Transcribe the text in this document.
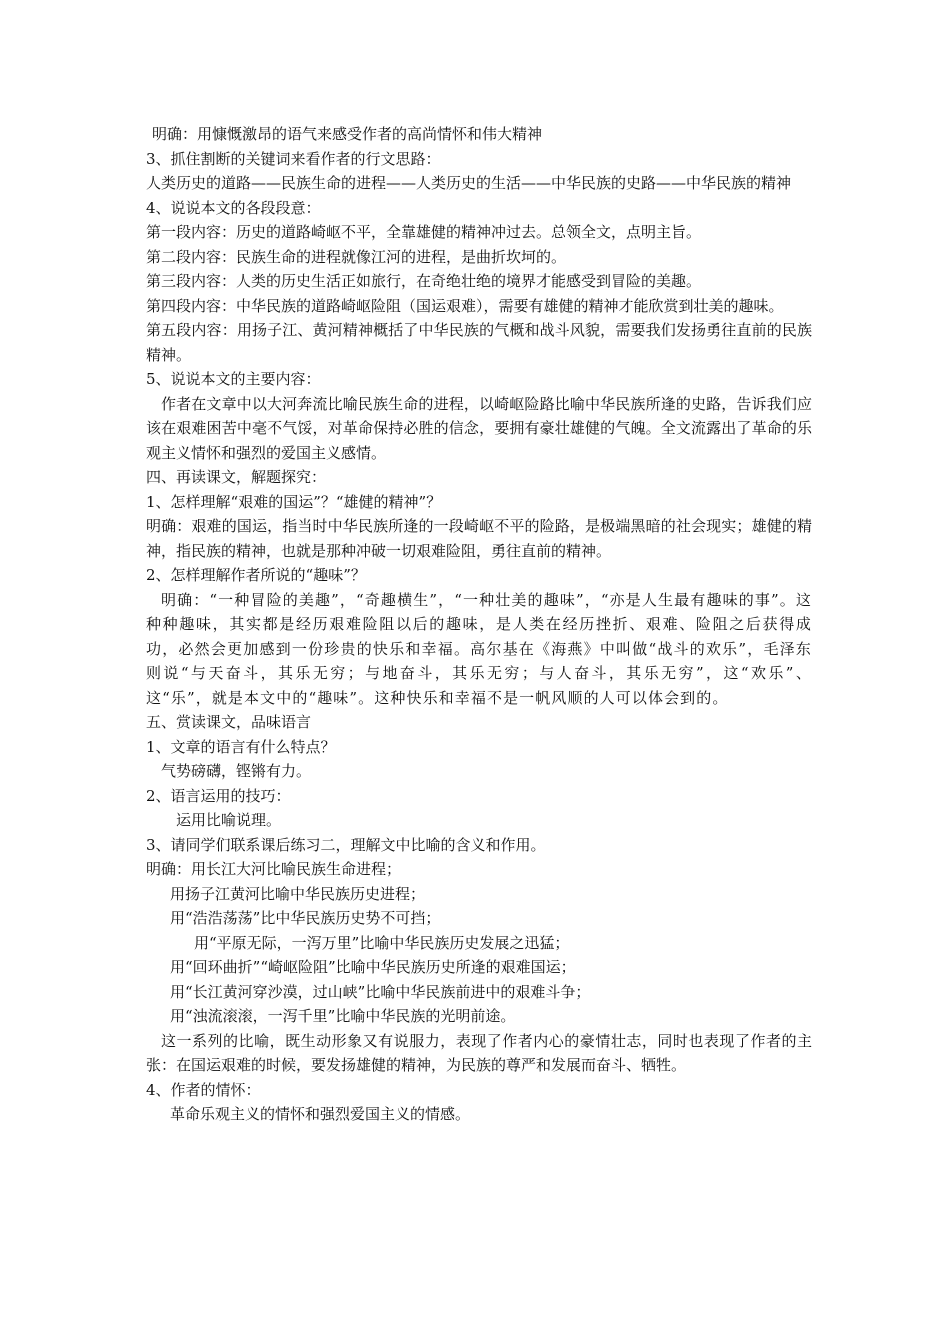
明确：用慷慨激昂的语气来感受作者的高尚情怀和伟大精神

3、抓住割断的关键词来看作者的行文思路：

人类历史的道路——民族生命的进程——人类历史的生活——中华民族的史路——中华民族的精神

4、说说本文的各段段意：

第一段内容：历史的道路崎岖不平，全靠雄健的精神冲过去。总领全文，点明主旨。

第二段内容：民族生命的进程就像江河的进程，是曲折坎坷的。

第三段内容：人类的历史生活正如旅行，在奇绝壮绝的境界才能感受到冒险的美趣。

第四段内容：中华民族的道路崎岖险阻（国运艰难），需要有雄健的精神才能欣赏到壮美的趣味。

第五段内容：用扬子江、黄河精神概括了中华民族的气概和战斗风貌，需要我们发扬勇往直前的民族精神。

5、说说本文的主要内容：

作者在文章中以大河奔流比喻民族生命的进程，以崎岖险路比喻中华民族所逢的史路，告诉我们应该在艰难困苦中毫不气馁，对革命保持必胜的信念，要拥有豪壮雄健的气魄。全文流露出了革命的乐观主义情怀和强烈的爱国主义感情。

四、再读课文，解题探究：

1、怎样理解“艰难的国运”？“雄健的精神”？

明确：艰难的国运，指当时中华民族所逢的一段崎岖不平的险路，是极端黑暗的社会现实；雄健的精神，指民族的精神，也就是那种冲破一切艰难险阻，勇往直前的精神。

2、怎样理解作者所说的“趣味”？

明确：“一种冒险的美趣”，“奇趣横生”，“一种壮美的趣味”，“亦是人生最有趣味的事”。这种种趣味，其实都是经历艰难险阻以后的趣味，是人类在经历挫折、艰难、险阻之后获得成功，必然会更加感到一份珍贵的快乐和幸福。高尔基在《海燕》中叫做“战斗的欢乐”，毛泽东则说“与天奋斗，其乐无穷；与地奋斗，其乐无穷；与人奋斗，其乐无穷”，这“欢乐”、这“乐”，就是本文中的“趣味”。这种快乐和幸福不是一帆风顺的人可以体会到的。

五、赏读课文，品味语言

1、文章的语言有什么特点？

气势磅礴，铿锵有力。

2、语言运用的技巧：

运用比喻说理。

3、请同学们联系课后练习二，理解文中比喻的含义和作用。

明确：用长江大河比喻民族生命进程；

用扬子江黄河比喻中华民族历史进程；

用“浩浩荡荡”比中华民族历史势不可挡；

用“平原无际，一泻万里”比喻中华民族历史发展之迅猛；

用“回环曲折”“崎岖险阻”比喻中华民族历史所逢的艰难国运；

用“长江黄河穿沙漠，过山峡”比喻中华民族前进中的艰难斗争；

用“浊流滚滚，一泻千里”比喻中华民族的光明前途。

这一系列的比喻，既生动形象又有说服力，表现了作者内心的豪情壮志，同时也表现了作者的主张：在国运艰难的时候，要发扬雄健的精神，为民族的尊严和发展而奋斗、牺牲。

4、作者的情怀：

革命乐观主义的情怀和强烈爱国主义的情感。
